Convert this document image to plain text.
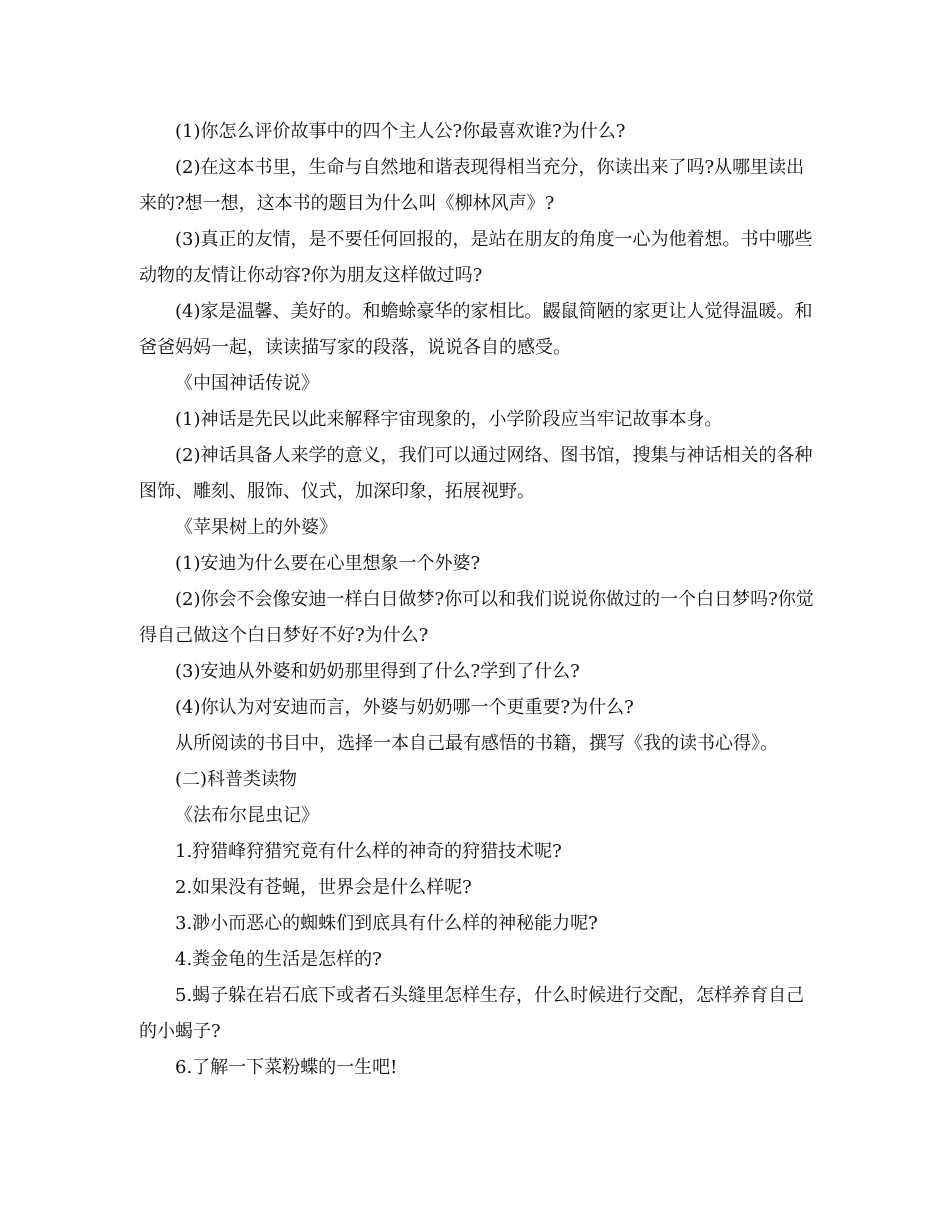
(1)你怎么评价故事中的四个主人公?你最喜欢谁?为什么?

(2)在这本书里，生命与自然地和谐表现得相当充分，你读出来了吗?从哪里读出来的?想一想，这本书的题目为什么叫《柳林风声》?

(3)真正的友情，是不要任何回报的，是站在朋友的角度一心为他着想。书中哪些动物的友情让你动容?你为朋友这样做过吗?

(4)家是温馨、美好的。和蟾蜍豪华的家相比。鼹鼠简陋的家更让人觉得温暖。和爸爸妈妈一起，读读描写家的段落，说说各自的感受。

《中国神话传说》

(1)神话是先民以此来解释宇宙现象的，小学阶段应当牢记故事本身。

(2)神话具备人来学的意义，我们可以通过网络、图书馆，搜集与神话相关的各种图饰、雕刻、服饰、仪式，加深印象，拓展视野。

《苹果树上的外婆》

(1)安迪为什么要在心里想象一个外婆?

(2)你会不会像安迪一样白日做梦?你可以和我们说说你做过的一个白日梦吗?你觉得自己做这个白日梦好不好?为什么?

(3)安迪从外婆和奶奶那里得到了什么?学到了什么?

(4)你认为对安迪而言，外婆与奶奶哪一个更重要?为什么?

从所阅读的书目中，选择一本自己最有感悟的书籍，撰写《我的读书心得》。

(二)科普类读物

《法布尔昆虫记》

1.狩猎峰狩猎究竟有什么样的神奇的狩猎技术呢?

2.如果没有苍蝇，世界会是什么样呢?

3.渺小而恶心的蜘蛛们到底具有什么样的神秘能力呢?

4.粪金龟的生活是怎样的?

5.蝎子躲在岩石底下或者石头缝里怎样生存，什么时候进行交配，怎样养育自己的小蝎子?

6.了解一下菜粉蝶的一生吧!
